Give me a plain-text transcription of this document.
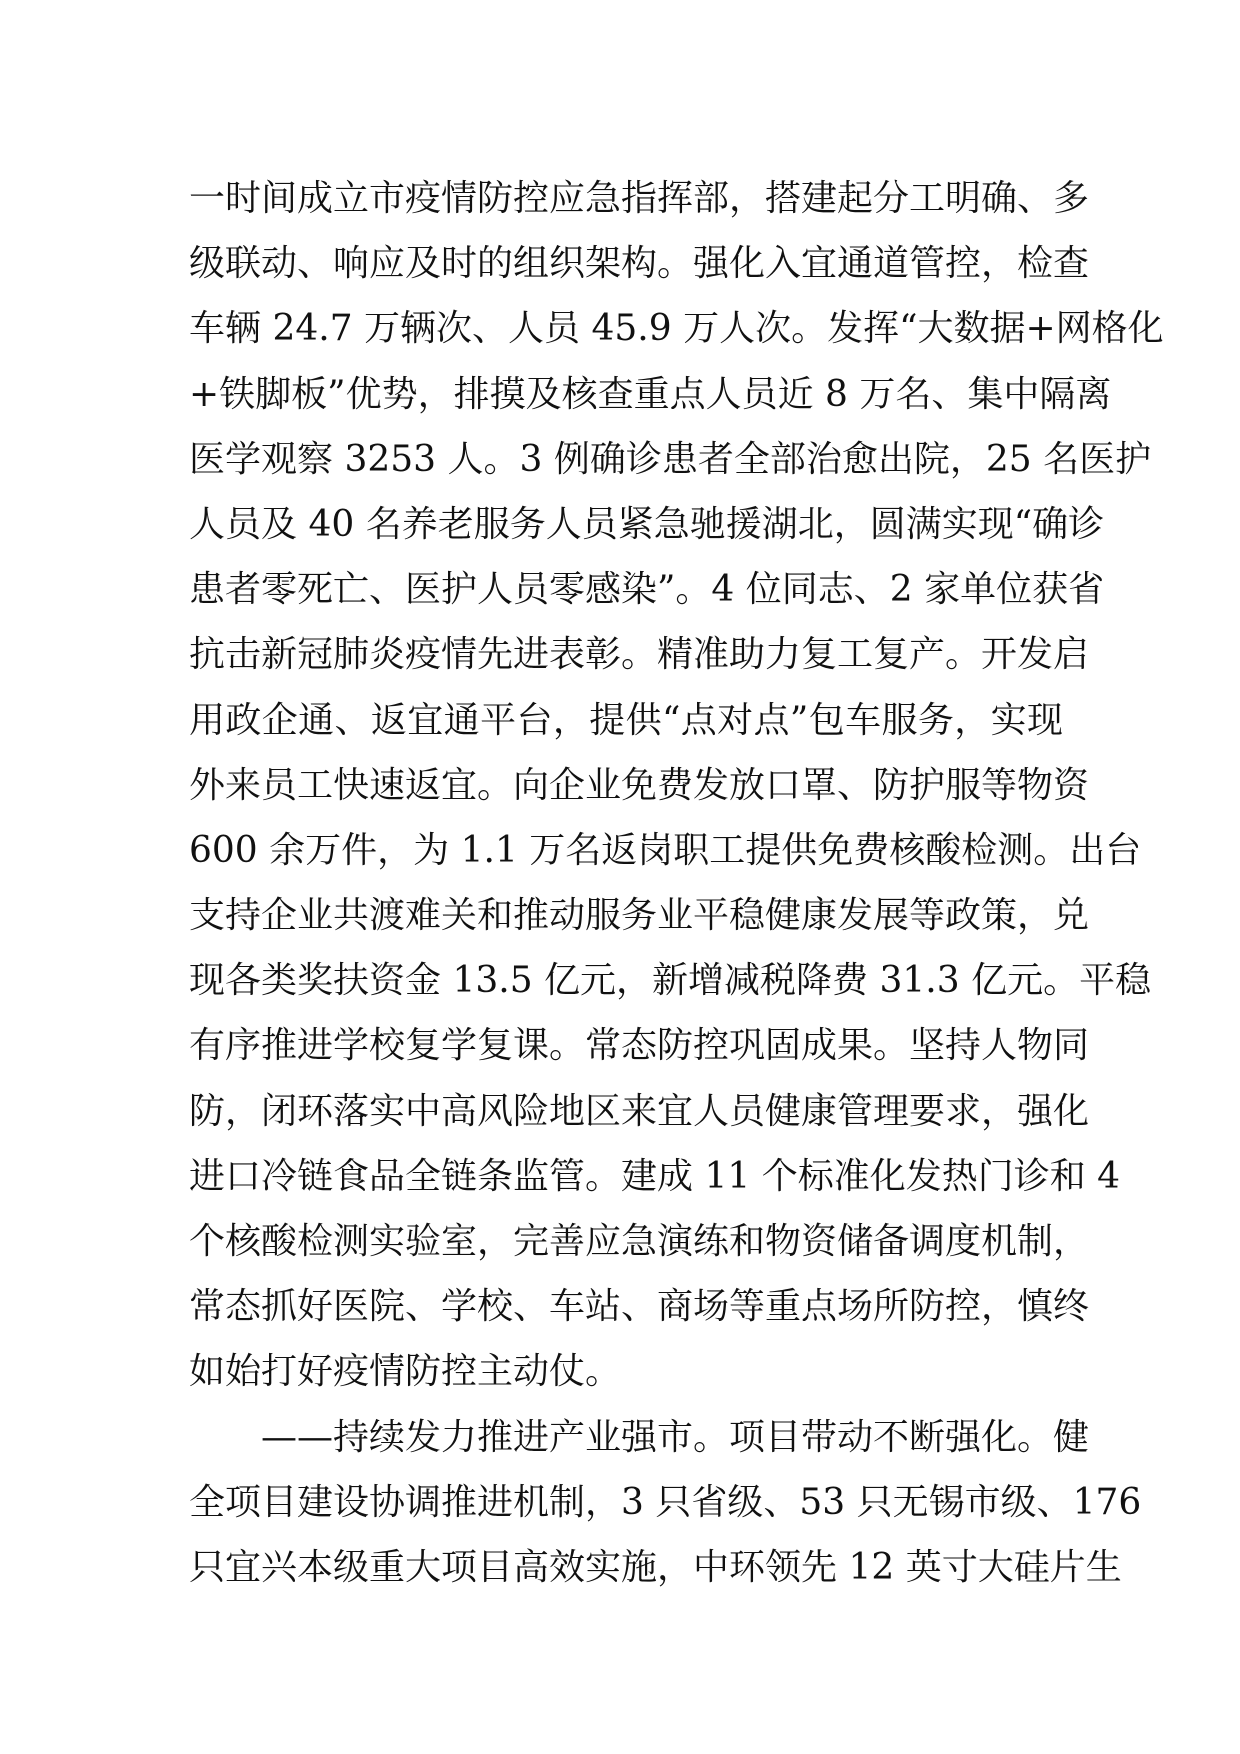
一时间成立市疫情防控应急指挥部，搭建起分工明确、多
级联动、响应及时的组织架构。强化入宜通道管控，检查
车辆 24.7 万辆次、人员 45.9 万人次。发挥“大数据+网格化
+铁脚板”优势，排摸及核查重点人员近 8 万名、集中隔离
医学观察 3253 人。3 例确诊患者全部治愈出院，25 名医护
人员及 40 名养老服务人员紧急驰援湖北，圆满实现“确诊
患者零死亡、医护人员零感染”。4 位同志、2 家单位获省
抗击新冠肺炎疫情先进表彰。精准助力复工复产。开发启
用政企通、返宜通平台，提供“点对点”包车服务，实现
外来员工快速返宜。向企业免费发放口罩、防护服等物资
600 余万件，为 1.1 万名返岗职工提供免费核酸检测。出台
支持企业共渡难关和推动服务业平稳健康发展等政策，兑
现各类奖扶资金 13.5 亿元，新增减税降费 31.3 亿元。平稳
有序推进学校复学复课。常态防控巩固成果。坚持人物同
防，闭环落实中高风险地区来宜人员健康管理要求，强化
进口冷链食品全链条监管。建成 11 个标准化发热门诊和 4
个核酸检测实验室，完善应急演练和物资储备调度机制，
常态抓好医院、学校、车站、商场等重点场所防控，慎终
如始打好疫情防控主动仗。
——持续发力推进产业强市。项目带动不断强化。健
全项目建设协调推进机制，3 只省级、53 只无锡市级、176
只宜兴本级重大项目高效实施，中环领先 12 英寸大硅片生
